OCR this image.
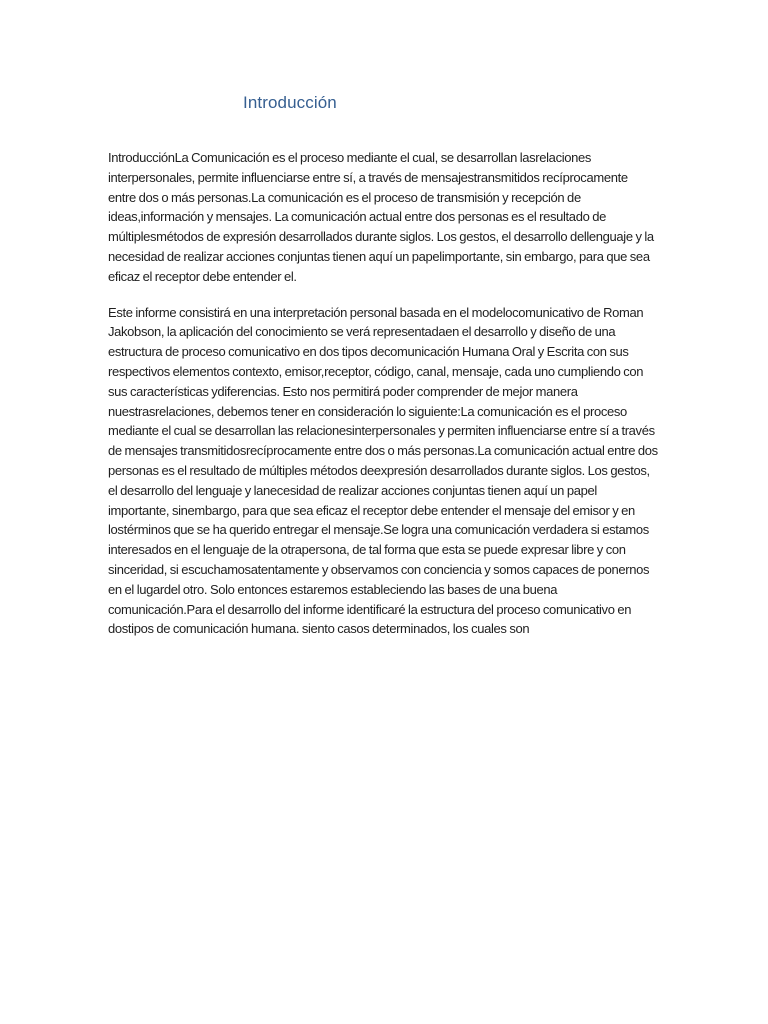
Introducción

IntroducciónLa Comunicación es el proceso mediante el cual, se desarrollan lasrelaciones interpersonales, permite influenciarse entre sí, a través de mensajestransmitidos recíprocamente entre dos o más personas.La comunicación es el proceso de transmisión y recepción de ideas,información y mensajes. La comunicación actual entre dos personas es el resultado de múltiplesmétodos de expresión desarrollados durante siglos. Los gestos, el desarrollo dellenguaje y la necesidad de realizar acciones conjuntas tienen aquí un papelimportante, sin embargo, para que sea eficaz el receptor debe entender el.

Este informe consistirá en una interpretación personal basada en el modelocomunicativo de Roman Jakobson, la aplicación del conocimiento se verá representadaen el desarrollo y diseño de una estructura de proceso comunicativo en dos tipos decomunicación Humana Oral y Escrita con sus respectivos elementos contexto, emisor,receptor, código, canal, mensaje, cada uno cumpliendo con sus características ydiferencias. Esto nos permitirá poder comprender de mejor manera nuestrasrelaciones, debemos tener en consideración lo siguiente:La comunicación es el proceso mediante el cual se desarrollan las relacionesinterpersonales y permiten influenciarse entre sí a través de mensajes transmitidosrecíprocamente entre dos o más personas.La comunicación actual entre dos personas es el resultado de múltiples métodos deexpresión desarrollados durante siglos. Los gestos, el desarrollo del lenguaje y lanecesidad de realizar acciones conjuntas tienen aquí un papel importante, sinembargo, para que sea eficaz el receptor debe entender el mensaje del emisor y en lostérminos que se ha querido entregar el mensaje.Se logra una comunicación verdadera si estamos interesados en el lenguaje de la otrapersona, de tal forma que esta se puede expresar libre y con sinceridad, si escuchamosatentamente y observamos con conciencia y somos capaces de ponernos en el lugardel otro. Solo entonces estaremos estableciendo las bases de una buena comunicación.Para el desarrollo del informe identificaré la estructura del proceso comunicativo en dostipos de comunicación humana. siento casos determinados, los cuales son
